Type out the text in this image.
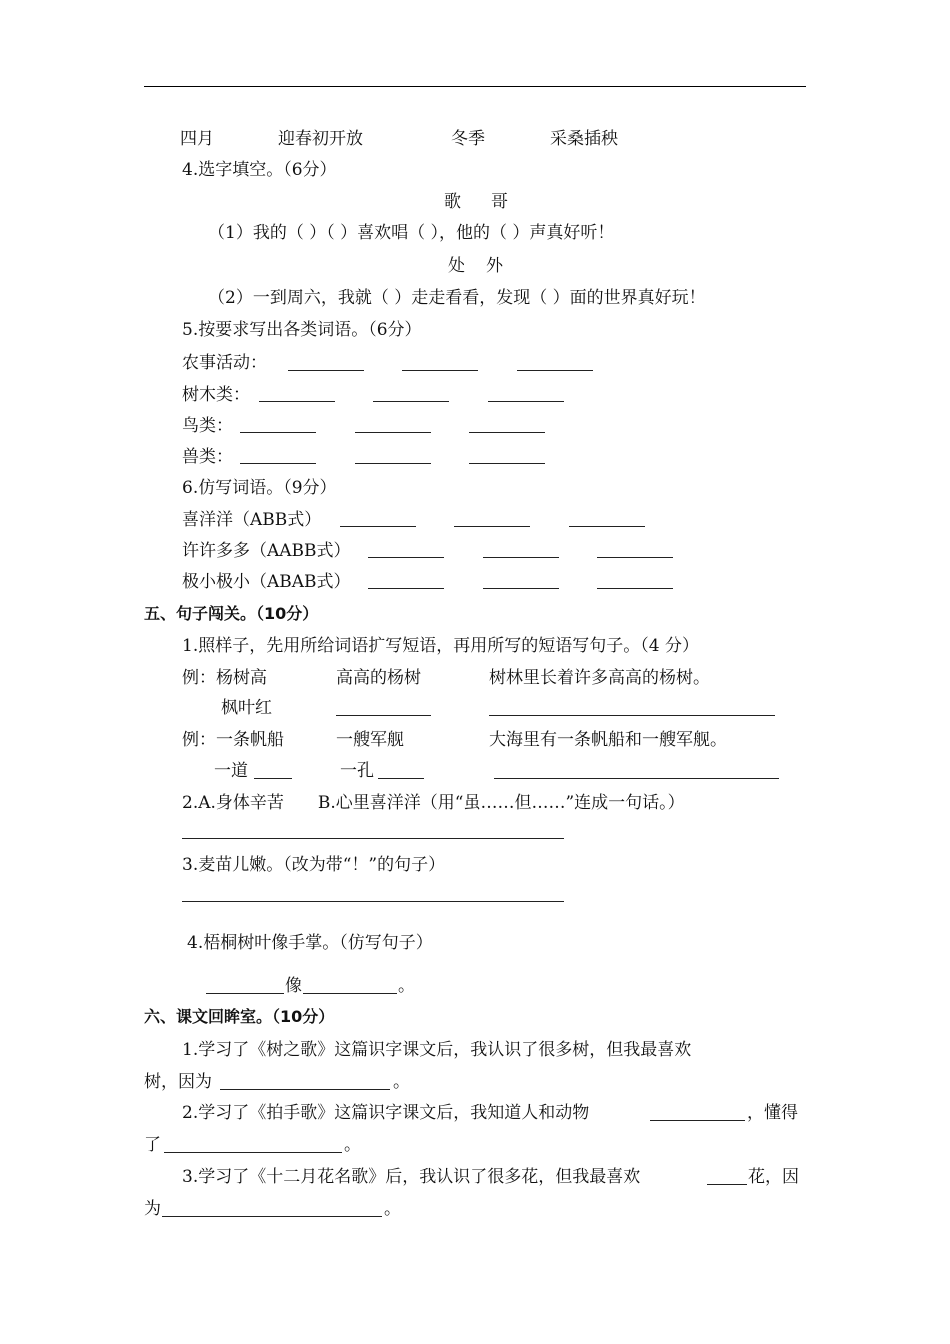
四月	迎春初开放	冬季	采桑插秧
4.选字填空。（6分）
歌 哥
（1）我的（ ）（ ）喜欢唱（ ），他的（ ）声真好听！
处 外
（2）一到周六，我就（ ）走走看看，发现（ ）面的世界真好玩！
5.按要求写出各类词语。（6分）
农事活动：
树木类：
鸟类：
兽类：
6.仿写词语。（9分）
喜洋洋（ABB式）
许许多多（AABB式）
极小极小（ABAB式）
五、句子闯关。（10分）
1.照样子，先用所给词语扩写短语，再用所写的短语写句子。（4 分）
例：杨树高	高高的杨树	树林里长着许多高高的杨树。
枫叶红
例：一条帆船	一艘军舰	大海里有一条帆船和一艘军舰。
一道	一孔
2.A.身体辛苦　　B.心里喜洋洋（用“虽……但……”连成一句话。）
3.麦苗儿嫩。（改为带“！”的句子）
4.梧桐树叶像手掌。（仿写句子）
像	。
六、课文回眸室。（10分）
1.学习了《树之歌》这篇识字课文后，我认识了很多树，但我最喜欢
树，因为	。
2.学习了《拍手歌》这篇识字课文后，我知道人和动物	，懂得
了	。
3.学习了《十二月花名歌》后，我认识了很多花，但我最喜欢	花，因
为	。
